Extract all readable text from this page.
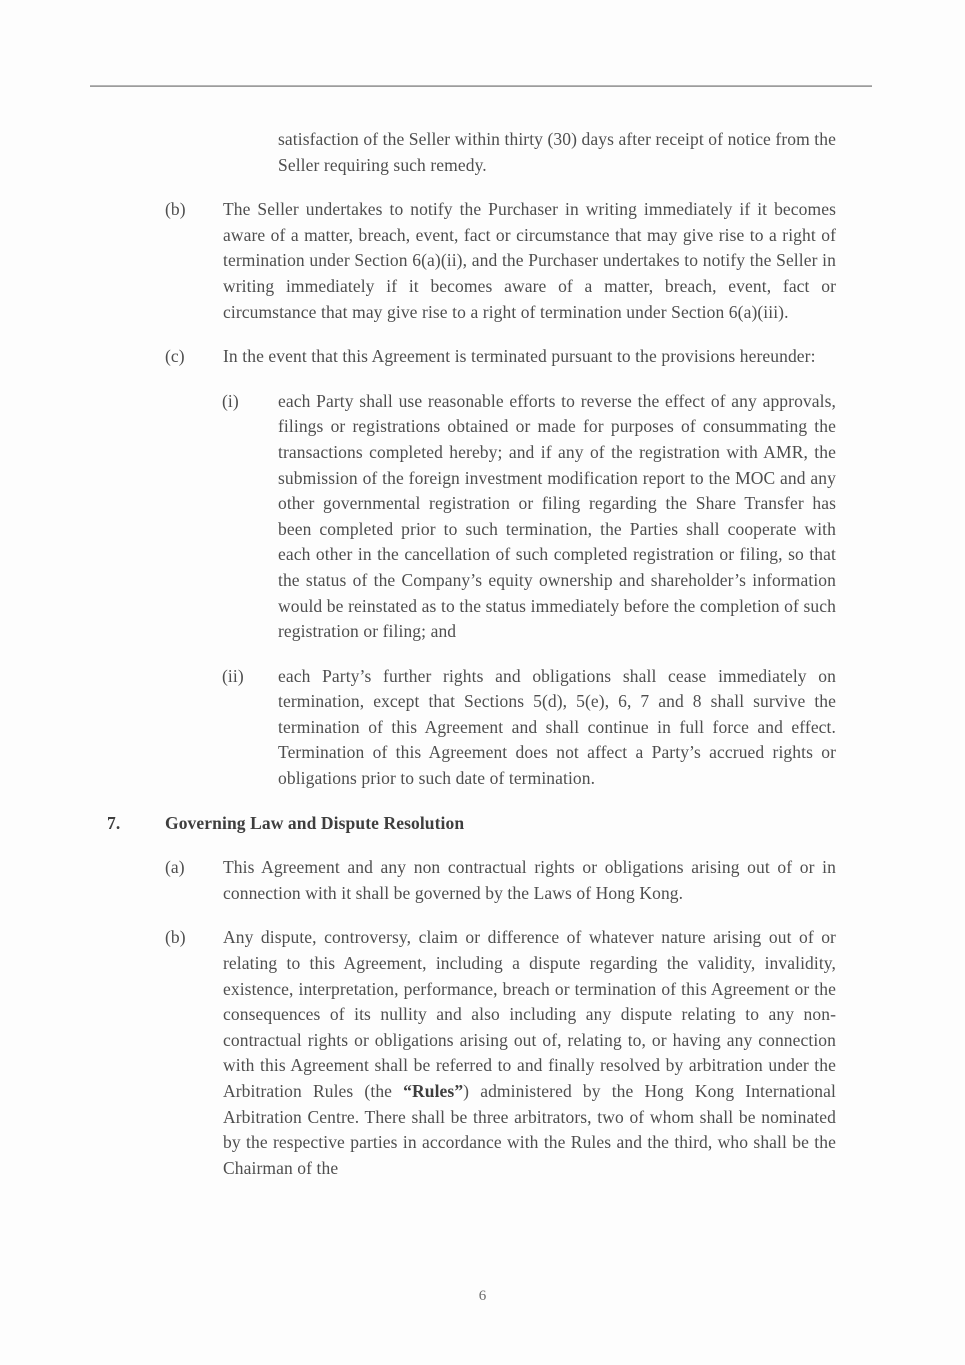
satisfaction of the Seller within thirty (30) days after receipt of notice from the Seller requiring such remedy.

(b)	The Seller undertakes to notify the Purchaser in writing immediately if it becomes aware of a matter, breach, event, fact or circumstance that may give rise to a right of termination under Section 6(a)(ii), and the Purchaser undertakes to notify the Seller in writing immediately if it becomes aware of a matter, breach, event, fact or circumstance that may give rise to a right of termination under Section 6(a)(iii).

(c)	In the event that this Agreement is terminated pursuant to the provisions hereunder:

(i)	each Party shall use reasonable efforts to reverse the effect of any approvals, filings or registrations obtained or made for purposes of consummating the transactions completed hereby; and if any of the registration with AMR, the submission of the foreign investment modification report to the MOC and any other governmental registration or filing regarding the Share Transfer has been completed prior to such termination, the Parties shall cooperate with each other in the cancellation of such completed registration or filing, so that the status of the Company’s equity ownership and shareholder’s information would be reinstated as to the status immediately before the completion of such registration or filing; and

(ii)	each Party’s further rights and obligations shall cease immediately on termination, except that Sections 5(d), 5(e), 6, 7 and 8 shall survive the termination of this Agreement and shall continue in full force and effect. Termination of this Agreement does not affect a Party’s accrued rights or obligations prior to such date of termination.

7.	Governing Law and Dispute Resolution
(a)	This Agreement and any non contractual rights or obligations arising out of or in connection with it shall be governed by the Laws of Hong Kong.

(b)	Any dispute, controversy, claim or difference of whatever nature arising out of or relating to this Agreement, including a dispute regarding the validity, invalidity, existence, interpretation, performance, breach or termination of this Agreement or the consequences of its nullity and also including any dispute relating to any non-contractual rights or obligations arising out of, relating to, or having any connection with this Agreement shall be referred to and finally resolved by arbitration under the Arbitration Rules (the “Rules”) administered by the Hong Kong International Arbitration Centre. There shall be three arbitrators, two of whom shall be nominated by the respective parties in accordance with the Rules and the third, who shall be the Chairman of the

6
